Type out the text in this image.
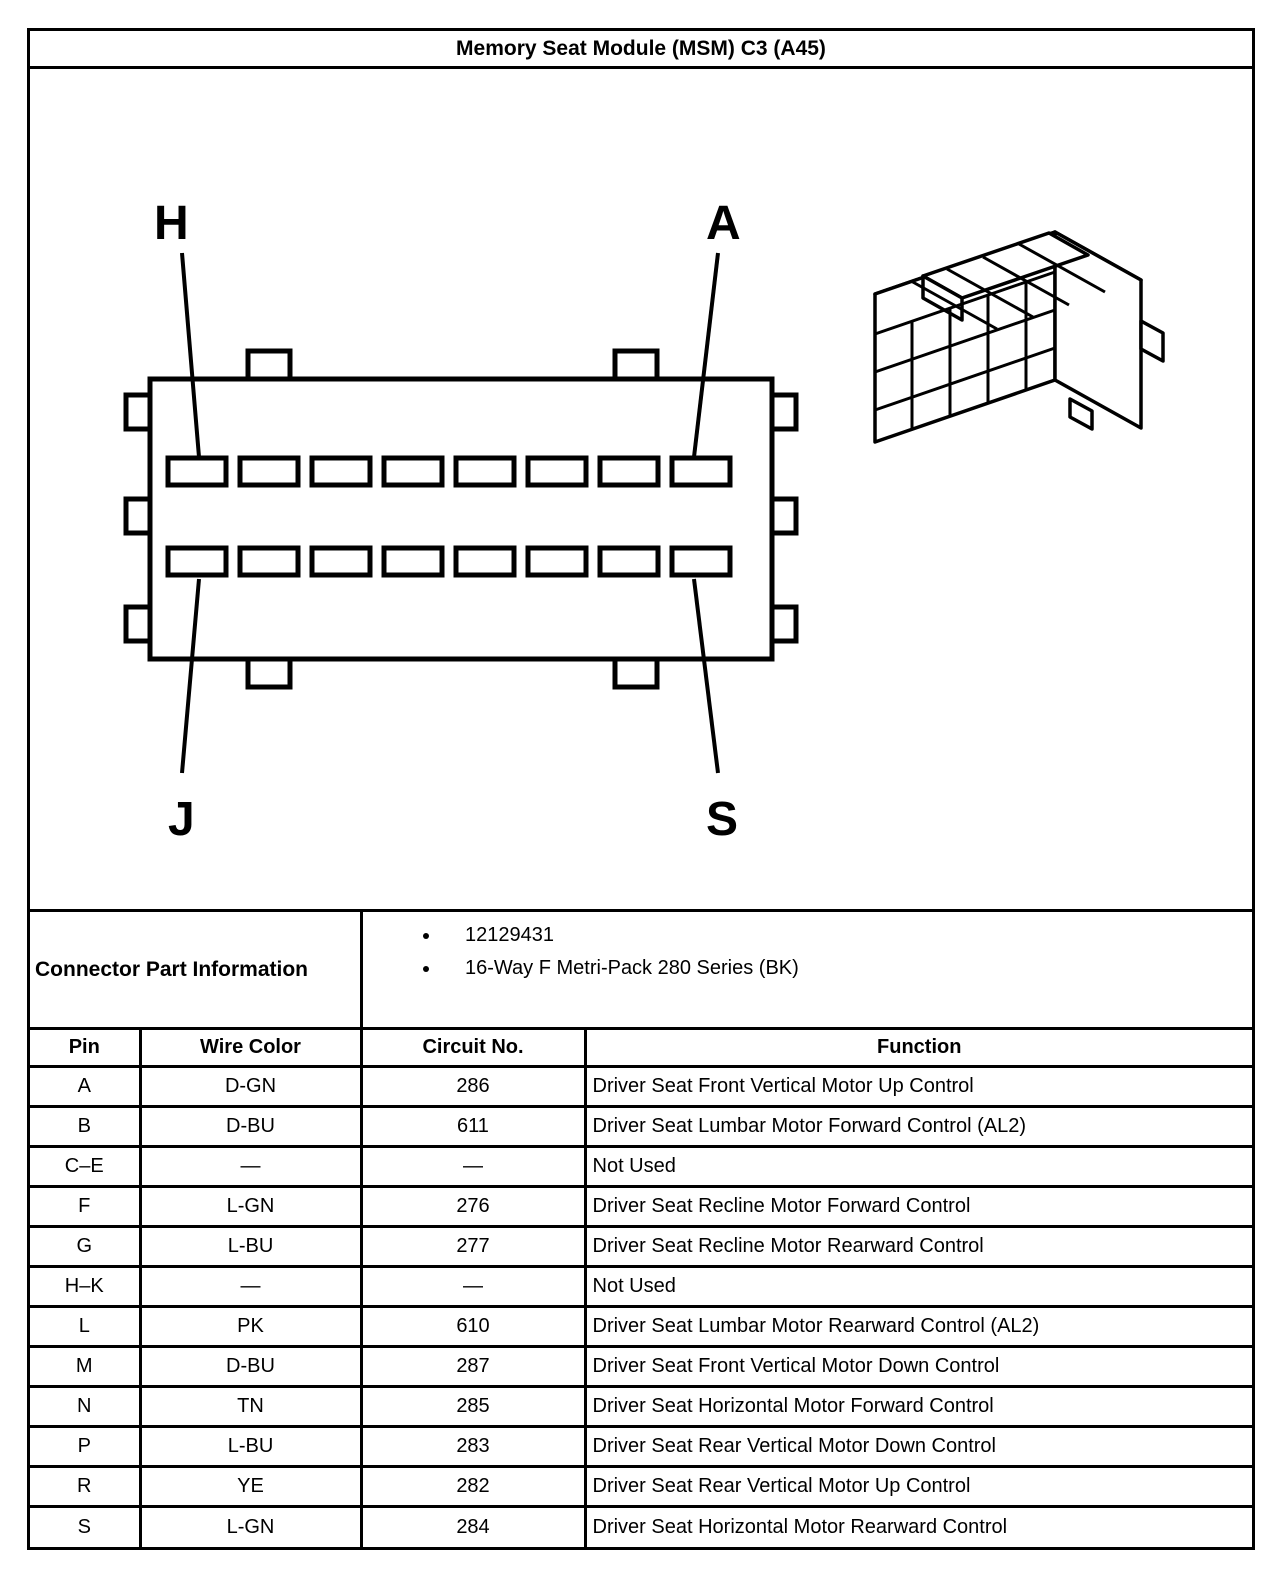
Memory Seat Module (MSM) C3 (A45)
H	A
J	S
Connector Part Information
• 12129431
• 16-Way F Metri-Pack 280 Series (BK)
Pin	Wire Color	Circuit No.	Function
A	D-GN	286	Driver Seat Front Vertical Motor Up Control
B	D-BU	611	Driver Seat Lumbar Motor Forward Control (AL2)
C–E	—	—	Not Used
F	L-GN	276	Driver Seat Recline Motor Forward Control
G	L-BU	277	Driver Seat Recline Motor Rearward Control
H–K	—	—	Not Used
L	PK	610	Driver Seat Lumbar Motor Rearward Control (AL2)
M	D-BU	287	Driver Seat Front Vertical Motor Down Control
N	TN	285	Driver Seat Horizontal Motor Forward Control
P	L-BU	283	Driver Seat Rear Vertical Motor Down Control
R	YE	282	Driver Seat Rear Vertical Motor Up Control
S	L-GN	284	Driver Seat Horizontal Motor Rearward Control
